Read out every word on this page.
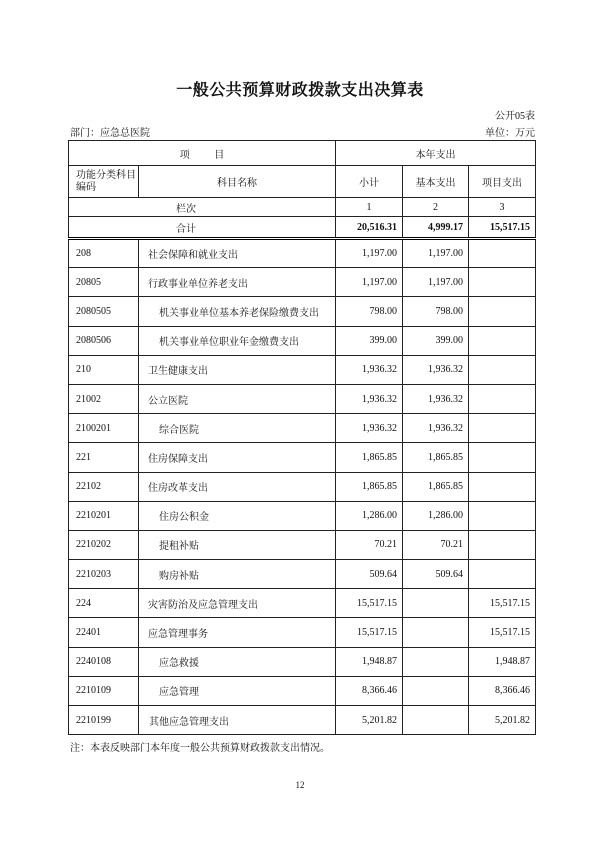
一般公共预算财政拨款支出决算表
公开05表
部门：应急总医院	单位：万元
项 目		本年支出		

功能分类科目编码	科目名称	小计	基本支出	项目支出
栏次		1	2	3
合计		20,516.31	4,999.17	15,517.15
208	社会保障和就业支出	1,197.00	1,197.00	
20805	行政事业单位养老支出	1,197.00	1,197.00	
2080505	机关事业单位基本养老保险缴费支出	798.00	798.00	
2080506	机关事业单位职业年金缴费支出	399.00	399.00	
210	卫生健康支出	1,936.32	1,936.32	
21002	公立医院	1,936.32	1,936.32	
2100201	综合医院	1,936.32	1,936.32	
221	住房保障支出	1,865.85	1,865.85	
22102	住房改革支出	1,865.85	1,865.85	
2210201	住房公积金	1,286.00	1,286.00	
2210202	提租补贴	70.21	70.21	
2210203	购房补贴	509.64	509.64	
224	灾害防治及应急管理支出	15,517.15		15,517.15
22401	应急管理事务	15,517.15		15,517.15
2240108	应急救援	1,948.87		1,948.87
2210109	应急管理	8,366.46		8,366.46
2210199	其他应急管理支出	5,201.82		5,201.82
注：本表反映部门本年度一般公共预算财政拨款支出情况。
12
